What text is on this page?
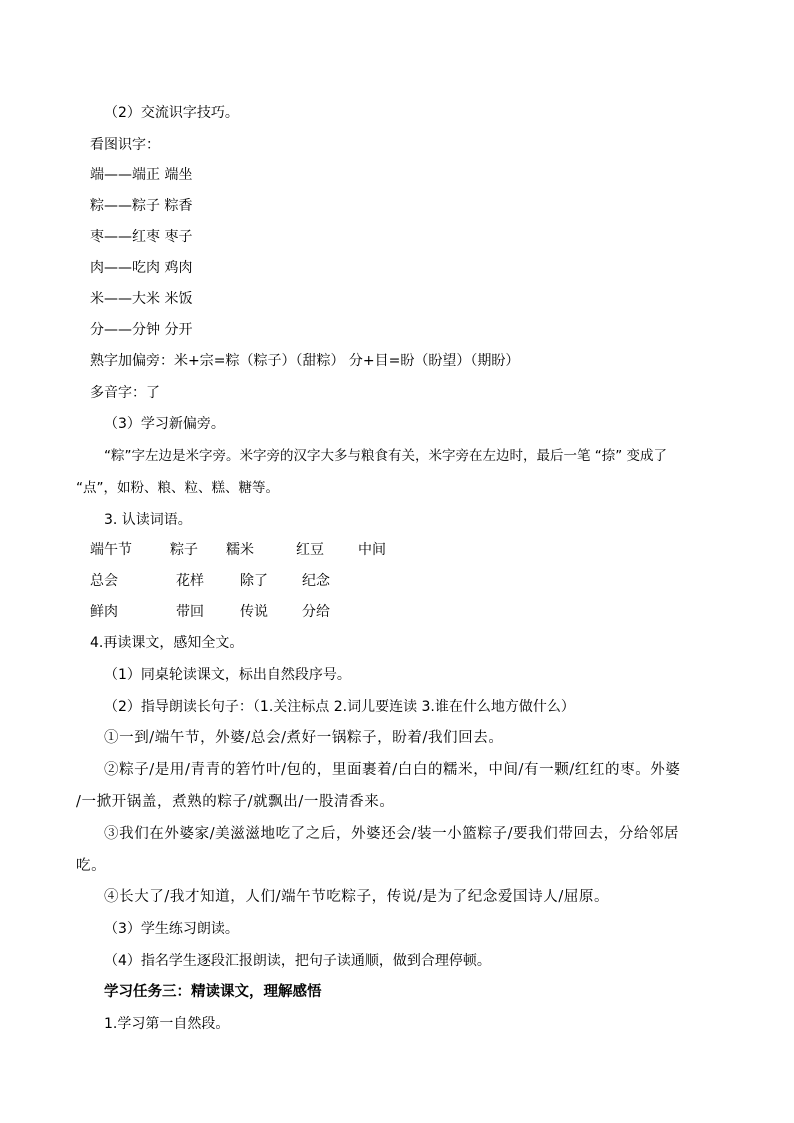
（2）交流识字技巧。
看图识字：
端——端正 端坐
粽——粽子 粽香
枣——红枣 枣子
肉——吃肉 鸡肉
米——大米 米饭
分——分钟 分开
熟字加偏旁：米+宗=粽（粽子）（甜粽） 分+目=盼（盼望）（期盼）
多音字：了
（3）学习新偏旁。
“粽”字左边是米字旁。米字旁的汉字大多与粮食有关，米字旁在左边时，最后一笔 “捺” 变成了
“点”，如粉、粮、粒、糕、糖等。
3. 认读词语。
端午节	粽子 糯米	红豆 中间
总会	花样	除了 纪念
鲜肉	带回	传说 分给
4.再读课文，感知全文。
（1）同桌轮读课文，标出自然段序号。
（2）指导朗读长句子：（1.关注标点 2.词儿要连读 3.谁在什么地方做什么）
①一到/端午节，外婆/总会/煮好一锅粽子，盼着/我们回去。
②粽子/是用/青青的箬竹叶/包的，里面裹着/白白的糯米，中间/有一颗/红红的枣。外婆
/一掀开锅盖，煮熟的粽子/就飘出/一股清香来。
③我们在外婆家/美滋滋地吃了之后，外婆还会/装一小篮粽子/要我们带回去，分给邻居
吃。
④长大了/我才知道，人们/端午节吃粽子，传说/是为了纪念爱国诗人/屈原。
（3）学生练习朗读。
（4）指名学生逐段汇报朗读，把句子读通顺，做到合理停顿。
学习任务三：精读课文，理解感悟
1.学习第一自然段。
